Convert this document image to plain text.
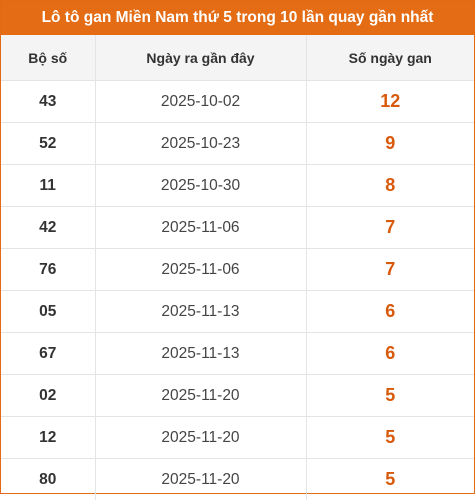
Lô tô gan Miền Nam thứ 5 trong 10 lần quay gần nhất
Bộ số	Ngày ra gần đây	Số ngày gan
43	2025-10-02	12
52	2025-10-23	9
11	2025-10-30	8
42	2025-11-06	7
76	2025-11-06	7
05	2025-11-13	6
67	2025-11-13	6
02	2025-11-20	5
12	2025-11-20	5
80	2025-11-20	5
